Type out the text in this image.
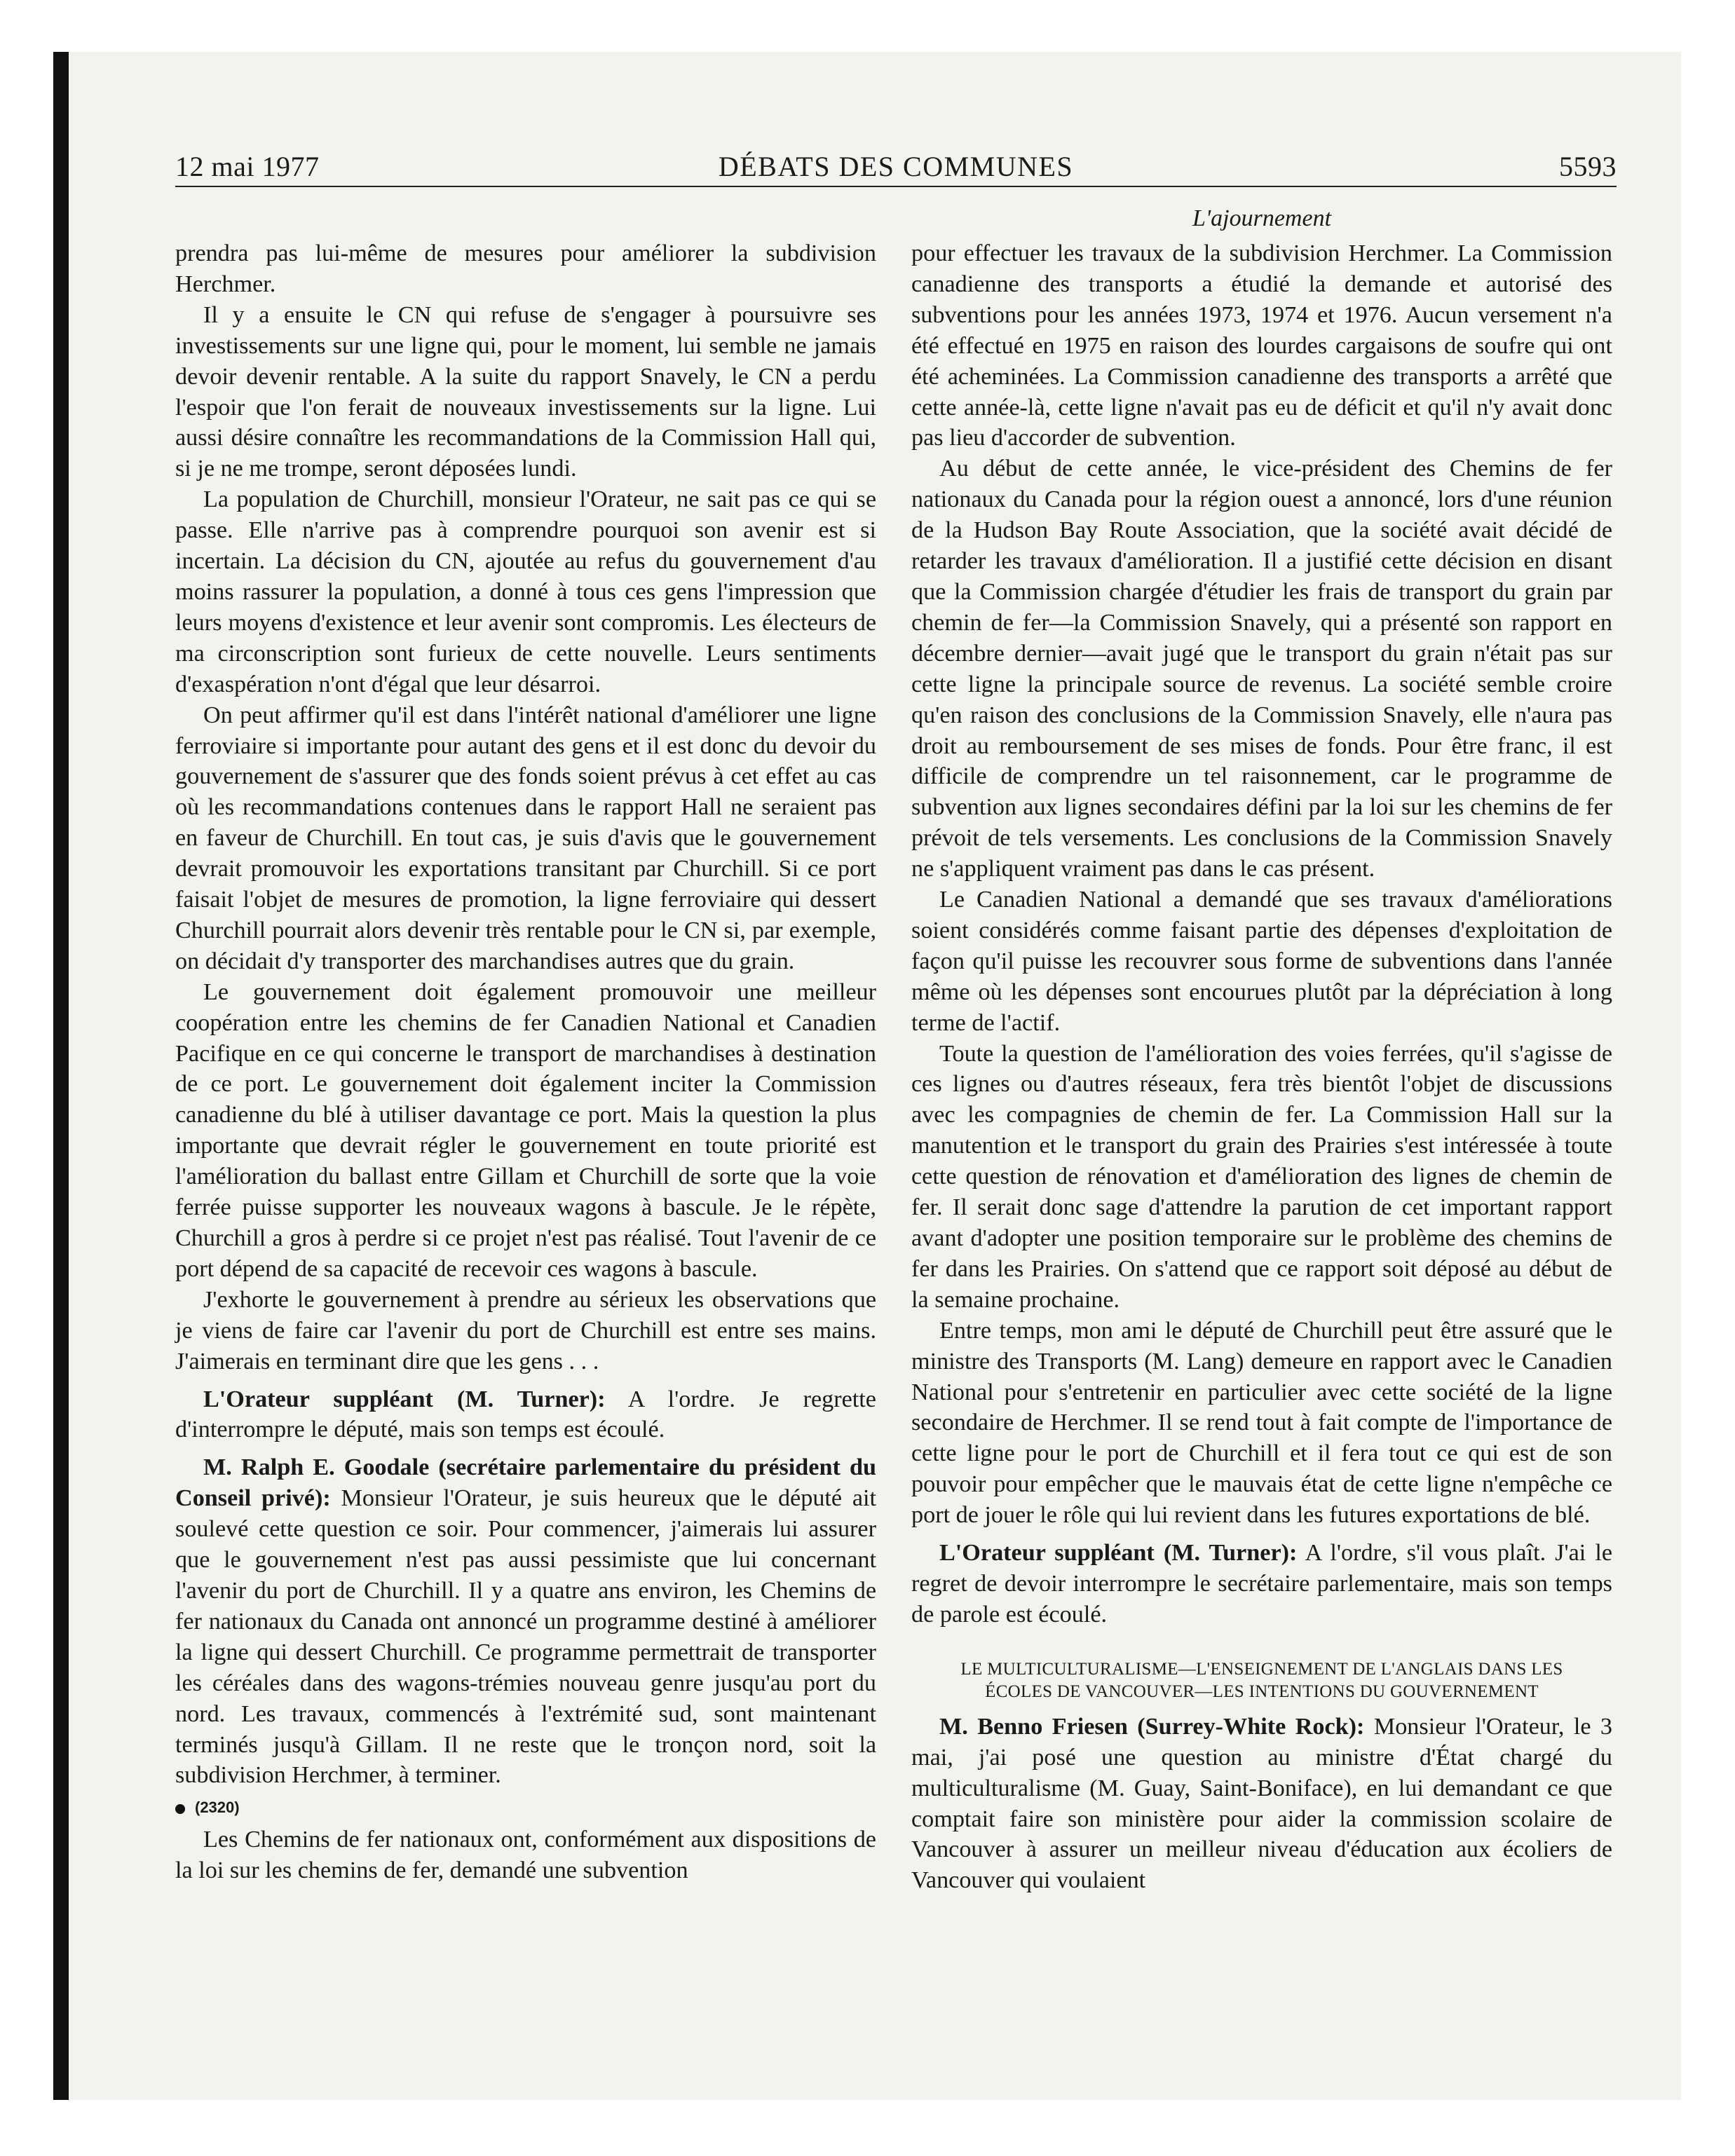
12 mai 1977	DÉBATS DES COMMUNES	5593
L'ajournement

prendra pas lui-même de mesures pour améliorer la subdivision Herchmer.

Il y a ensuite le CN qui refuse de s'engager à poursuivre ses investissements sur une ligne qui, pour le moment, lui semble ne jamais devoir devenir rentable. A la suite du rapport Snavely, le CN a perdu l'espoir que l'on ferait de nouveaux investissements sur la ligne. Lui aussi désire connaître les recommandations de la Commission Hall qui, si je ne me trompe, seront déposées lundi.

La population de Churchill, monsieur l'Orateur, ne sait pas ce qui se passe. Elle n'arrive pas à comprendre pourquoi son avenir est si incertain. La décision du CN, ajoutée au refus du gouvernement d'au moins rassurer la population, a donné à tous ces gens l'impression que leurs moyens d'existence et leur avenir sont compromis. Les électeurs de ma circonscription sont furieux de cette nouvelle. Leurs sentiments d'exaspération n'ont d'égal que leur désarroi.

On peut affirmer qu'il est dans l'intérêt national d'améliorer une ligne ferroviaire si importante pour autant des gens et il est donc du devoir du gouvernement de s'assurer que des fonds soient prévus à cet effet au cas où les recommandations contenues dans le rapport Hall ne seraient pas en faveur de Churchill. En tout cas, je suis d'avis que le gouvernement devrait promouvoir les exportations transitant par Churchill. Si ce port faisait l'objet de mesures de promotion, la ligne ferroviaire qui dessert Churchill pourrait alors devenir très rentable pour le CN si, par exemple, on décidait d'y transporter des marchandises autres que du grain.

Le gouvernement doit également promouvoir une meilleur coopération entre les chemins de fer Canadien National et Canadien Pacifique en ce qui concerne le transport de marchandises à destination de ce port. Le gouvernement doit également inciter la Commission canadienne du blé à utiliser davantage ce port. Mais la question la plus importante que devrait régler le gouvernement en toute priorité est l'amélioration du ballast entre Gillam et Churchill de sorte que la voie ferrée puisse supporter les nouveaux wagons à bascule. Je le répète, Churchill a gros à perdre si ce projet n'est pas réalisé. Tout l'avenir de ce port dépend de sa capacité de recevoir ces wagons à bascule.

J'exhorte le gouvernement à prendre au sérieux les observations que je viens de faire car l'avenir du port de Churchill est entre ses mains. J'aimerais en terminant dire que les gens . . .

L'Orateur suppléant (M. Turner): A l'ordre. Je regrette d'interrompre le député, mais son temps est écoulé.

M. Ralph E. Goodale (secrétaire parlementaire du président du Conseil privé): Monsieur l'Orateur, je suis heureux que le député ait soulevé cette question ce soir. Pour commencer, j'aimerais lui assurer que le gouvernement n'est pas aussi pessimiste que lui concernant l'avenir du port de Churchill. Il y a quatre ans environ, les Chemins de fer nationaux du Canada ont annoncé un programme destiné à améliorer la ligne qui dessert Churchill. Ce programme permettrait de transporter les céréales dans des wagons-trémies nouveau genre jusqu'au port du nord. Les travaux, commencés à l'extrémité sud, sont maintenant terminés jusqu'à Gillam. Il ne reste que le tronçon nord, soit la subdivision Herchmer, à terminer.

(2320)

Les Chemins de fer nationaux ont, conformément aux dispositions de la loi sur les chemins de fer, demandé une subvention

pour effectuer les travaux de la subdivision Herchmer. La Commission canadienne des transports a étudié la demande et autorisé des subventions pour les années 1973, 1974 et 1976. Aucun versement n'a été effectué en 1975 en raison des lourdes cargaisons de soufre qui ont été acheminées. La Commission canadienne des transports a arrêté que cette année-là, cette ligne n'avait pas eu de déficit et qu'il n'y avait donc pas lieu d'accorder de subvention.

Au début de cette année, le vice-président des Chemins de fer nationaux du Canada pour la région ouest a annoncé, lors d'une réunion de la Hudson Bay Route Association, que la société avait décidé de retarder les travaux d'amélioration. Il a justifié cette décision en disant que la Commission chargée d'étudier les frais de transport du grain par chemin de fer—la Commission Snavely, qui a présenté son rapport en décembre dernier—avait jugé que le transport du grain n'était pas sur cette ligne la principale source de revenus. La société semble croire qu'en raison des conclusions de la Commission Snavely, elle n'aura pas droit au remboursement de ses mises de fonds. Pour être franc, il est difficile de comprendre un tel raisonnement, car le programme de subvention aux lignes secondaires défini par la loi sur les chemins de fer prévoit de tels versements. Les conclusions de la Commission Snavely ne s'appliquent vraiment pas dans le cas présent.

Le Canadien National a demandé que ses travaux d'améliorations soient considérés comme faisant partie des dépenses d'exploitation de façon qu'il puisse les recouvrer sous forme de subventions dans l'année même où les dépenses sont encourues plutôt par la dépréciation à long terme de l'actif.

Toute la question de l'amélioration des voies ferrées, qu'il s'agisse de ces lignes ou d'autres réseaux, fera très bientôt l'objet de discussions avec les compagnies de chemin de fer. La Commission Hall sur la manutention et le transport du grain des Prairies s'est intéressée à toute cette question de rénovation et d'amélioration des lignes de chemin de fer. Il serait donc sage d'attendre la parution de cet important rapport avant d'adopter une position temporaire sur le problème des chemins de fer dans les Prairies. On s'attend que ce rapport soit déposé au début de la semaine prochaine.

Entre temps, mon ami le député de Churchill peut être assuré que le ministre des Transports (M. Lang) demeure en rapport avec le Canadien National pour s'entretenir en particulier avec cette société de la ligne secondaire de Herchmer. Il se rend tout à fait compte de l'importance de cette ligne pour le port de Churchill et il fera tout ce qui est de son pouvoir pour empêcher que le mauvais état de cette ligne n'empêche ce port de jouer le rôle qui lui revient dans les futures exportations de blé.

L'Orateur suppléant (M. Turner): A l'ordre, s'il vous plaît. J'ai le regret de devoir interrompre le secrétaire parlementaire, mais son temps de parole est écoulé.

LE MULTICULTURALISME—L'ENSEIGNEMENT DE L'ANGLAIS DANS LES ÉCOLES DE VANCOUVER—LES INTENTIONS DU GOUVERNEMENT

M. Benno Friesen (Surrey-White Rock): Monsieur l'Orateur, le 3 mai, j'ai posé une question au ministre d'État chargé du multiculturalisme (M. Guay, Saint-Boniface), en lui demandant ce que comptait faire son ministère pour aider la commission scolaire de Vancouver à assurer un meilleur niveau d'éducation aux écoliers de Vancouver qui voulaient
